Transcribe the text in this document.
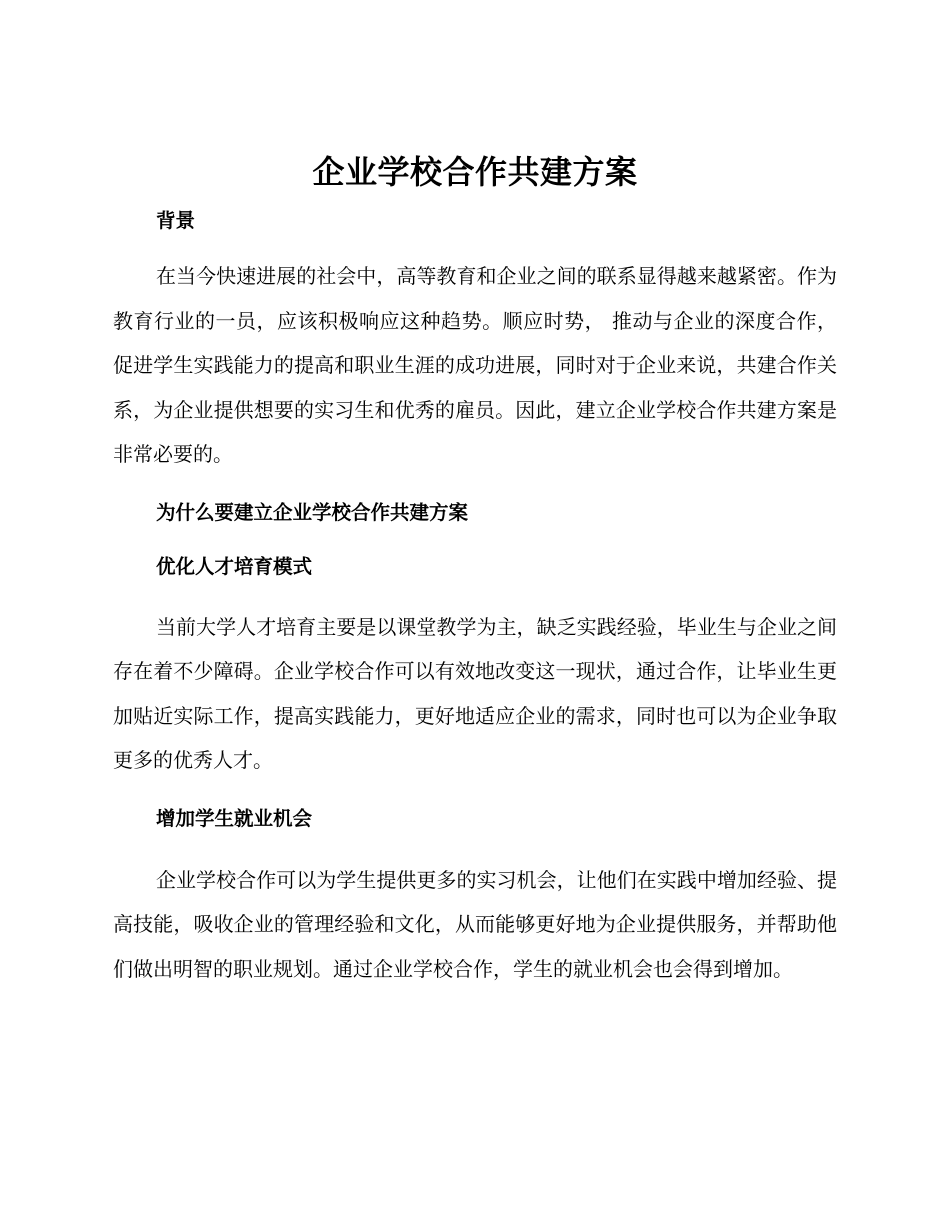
企业学校合作共建方案

背景

在当今快速进展的社会中，高等教育和企业之间的联系显得越来越紧密。作为教育行业的一员，应该积极响应这种趋势。顺应时势， 推动与企业的深度合作，促进学生实践能力的提高和职业生涯的成功进展，同时对于企业来说，共建合作关系，为企业提供想要的实习生和优秀的雇员。因此，建立企业学校合作共建方案是非常必要的。

为什么要建立企业学校合作共建方案

优化人才培育模式

当前大学人才培育主要是以课堂教学为主，缺乏实践经验，毕业生与企业之间存在着不少障碍。企业学校合作可以有效地改变这一现状，通过合作，让毕业生更加贴近实际工作，提高实践能力，更好地适应企业的需求，同时也可以为企业争取更多的优秀人才。

增加学生就业机会

企业学校合作可以为学生提供更多的实习机会，让他们在实践中增加经验、提高技能，吸收企业的管理经验和文化，从而能够更好地为企业提供服务，并帮助他们做出明智的职业规划。通过企业学校合作，学生的就业机会也会得到增加。
